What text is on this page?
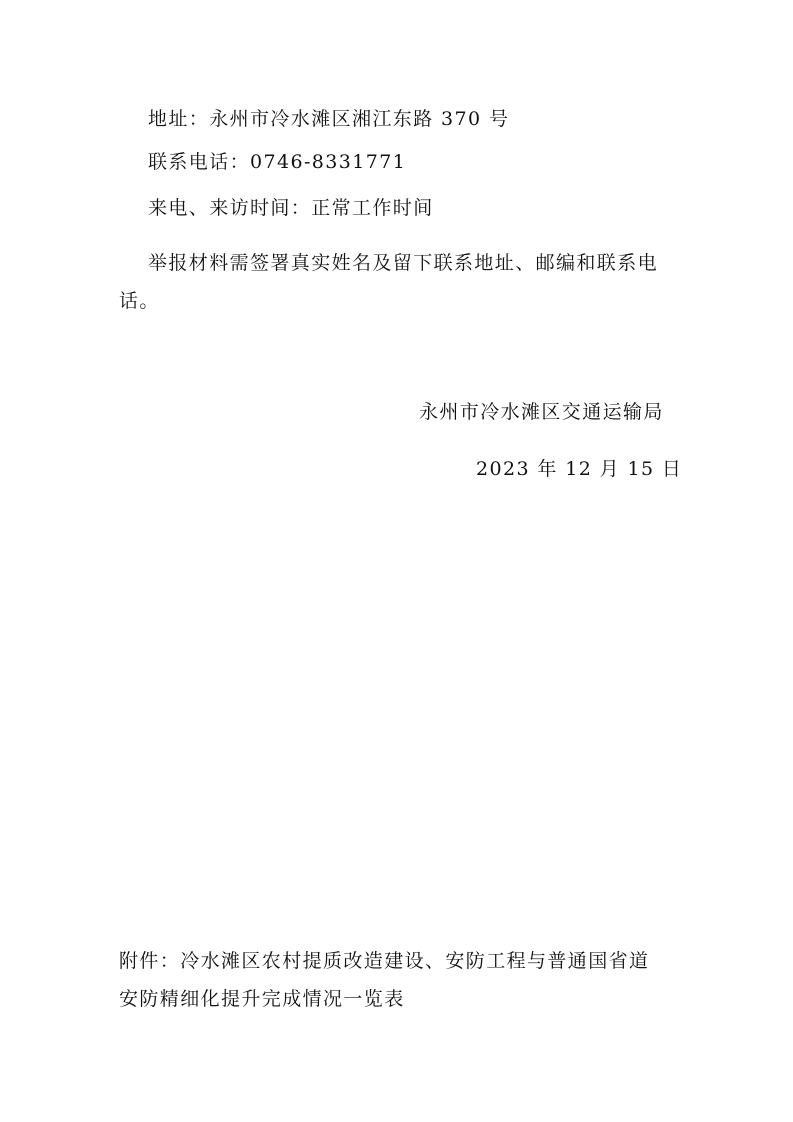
地址：永州市冷水滩区湘江东路 370 号
联系电话：0746-8331771
来电、来访时间：正常工作时间
举报材料需签署真实姓名及留下联系地址、邮编和联系电
话。
永州市冷水滩区交通运输局
2023 年 12 月 15 日
附件：冷水滩区农村提质改造建设、安防工程与普通国省道
安防精细化提升完成情况一览表
